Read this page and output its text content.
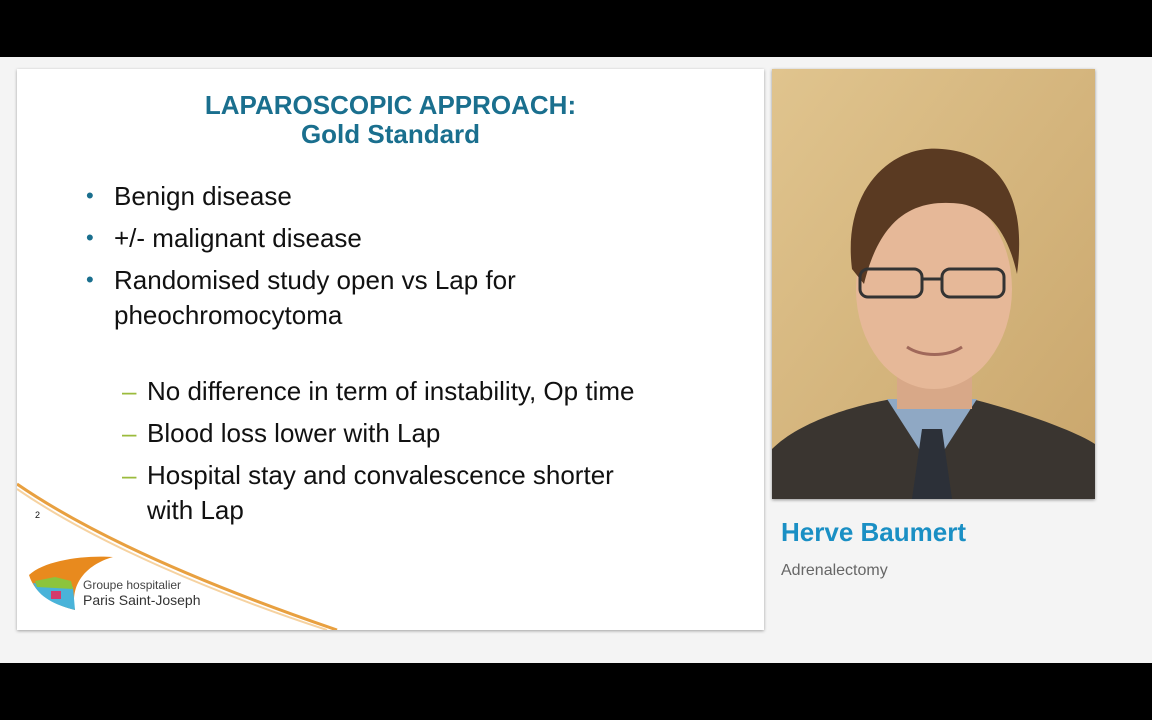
LAPAROSCOPIC APPROACH:
Gold Standard
• Benign disease
• +/- malignant disease
• Randomised study open vs Lap for
pheochromocytoma
– No difference in term of instability, Op time
– Blood loss lower with Lap
– Hospital stay and convalescence shorter
with Lap
2
Groupe hospitalier
Paris Saint-Joseph
Herve Baumert
Adrenalectomy
